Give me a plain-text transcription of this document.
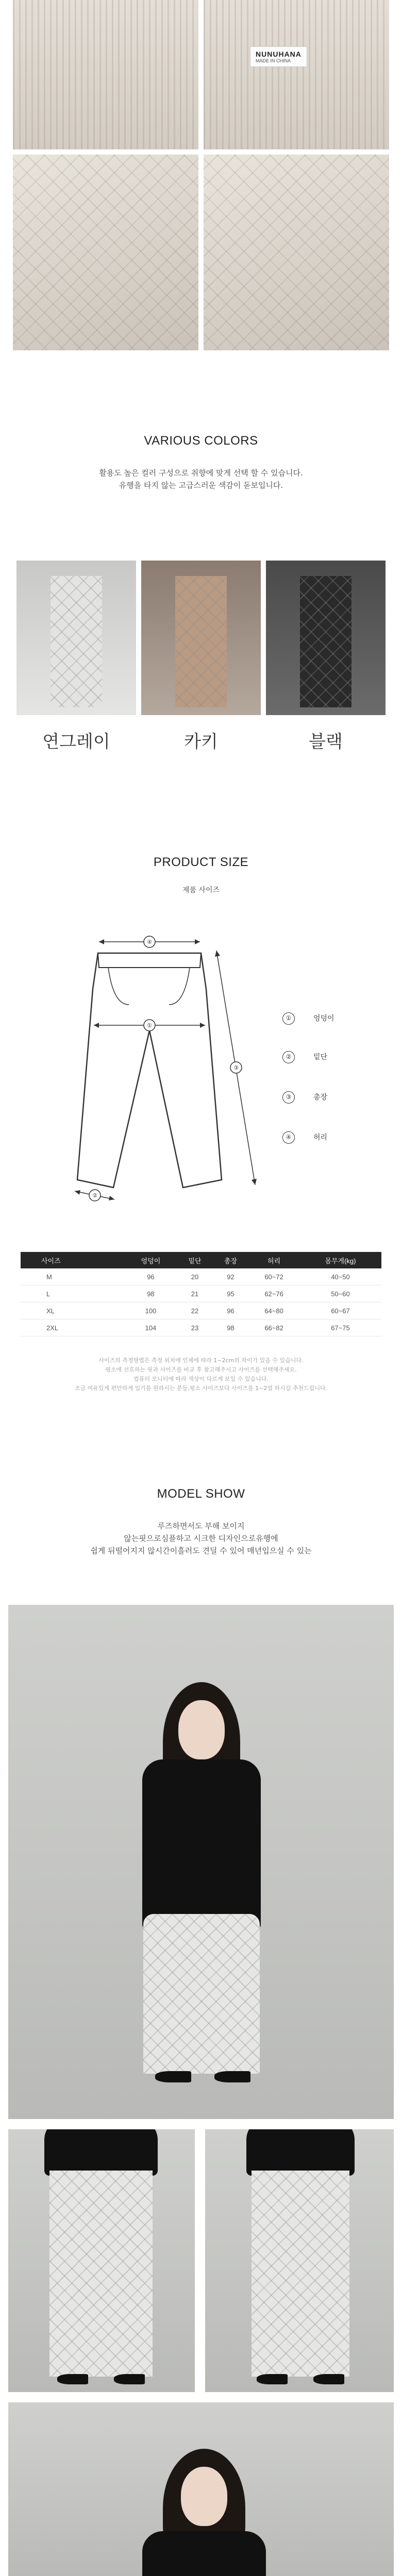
NUNUHANA
MADE IN CHINA
VARIOUS COLORS
활용도 높은 컬러 구성으로 취향에 맞게 선택 할 수 있습니다.
유행을 타지 않는 고급스러운 색감이 돋보입니다.
연그레이	카키	블랙
PRODUCT SIZE
제품 사이즈
④
①
③
②
①	엉덩이
②	밑단
③	총장
④	허리
사이즈	엉덩이	밑단	총장	허리	몸무게(kg)
M	96	20	92	60~72	40~50
L	98	21	95	62~76	50~60
XL	100	22	96	64~80	60~67
2XL	104	23	98	66~82	67~75
사이즈의 측정방법은 측정 위치에 인체에 따라 1~2cm의 차이가 있을 수 있습니다.
평소에 선호하는 핏과 사이즈를 비교 후 참고해주시고 사이즈를 선택해주세요.
컴퓨터 모니터에 따라 색상이 다르게 보일 수 있습니다.
조금 여유있게 편안하게 입기를 원하시는 분들,평소 사이즈보다 사이즈를 1~2업 하시길 추천드립니다.
MODEL SHOW
루즈하면서도 부해 보이지
않는핏으로심플하고 시크한 디자인으로유행에
쉽게 뒤떨어지지 않시간이흘러도 견딜 수 있어 매년입으실 수 있는
